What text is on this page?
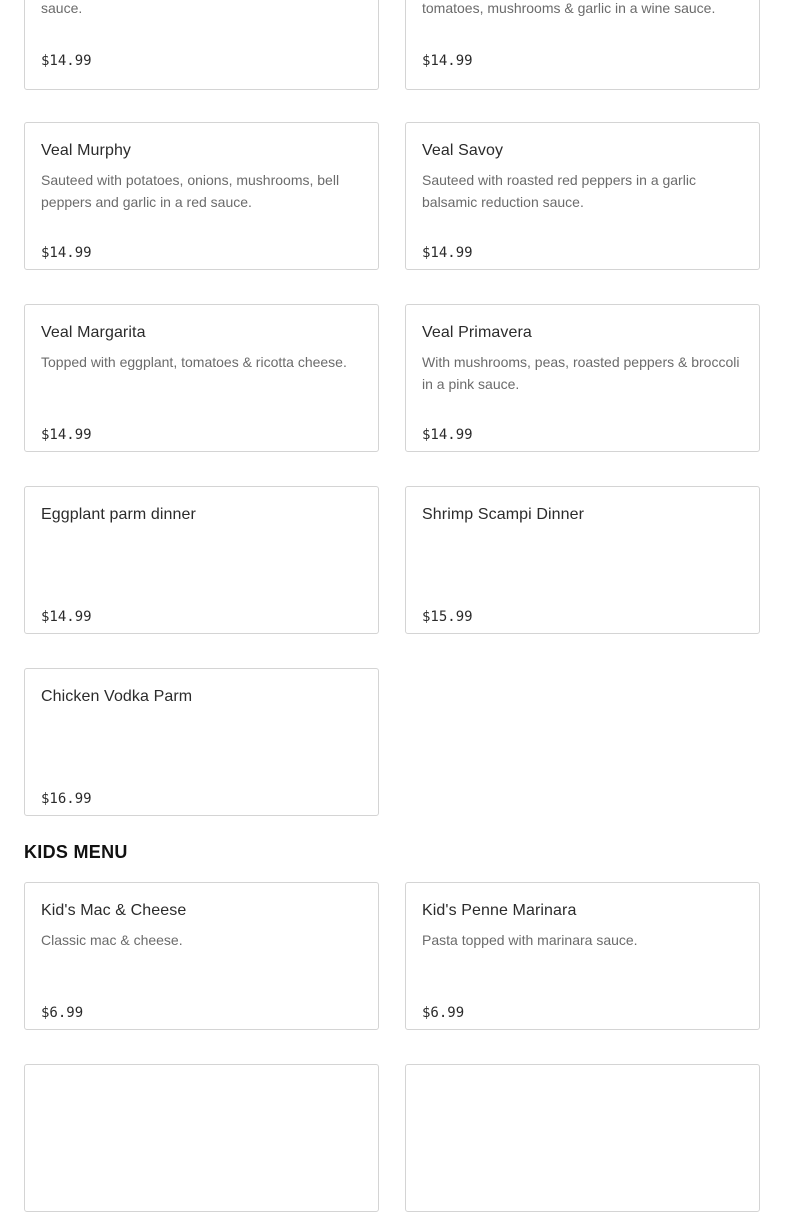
sauce.
$14.99
tomatoes, mushrooms & garlic in a wine sauce.
$14.99
Veal Murphy
Sauteed with potatoes, onions, mushrooms, bell peppers and garlic in a red sauce.
$14.99
Veal Savoy
Sauteed with roasted red peppers in a garlic balsamic reduction sauce.
$14.99
Veal Margarita
Topped with eggplant, tomatoes & ricotta cheese.
$14.99
Veal Primavera
With mushrooms, peas, roasted peppers & broccoli in a pink sauce.
$14.99
Eggplant parm dinner
$14.99
Shrimp Scampi Dinner
$15.99
Chicken Vodka Parm
$16.99
KIDS MENU
Kid's Mac & Cheese
Classic mac & cheese.
$6.99
Kid's Penne Marinara
Pasta topped with marinara sauce.
$6.99
